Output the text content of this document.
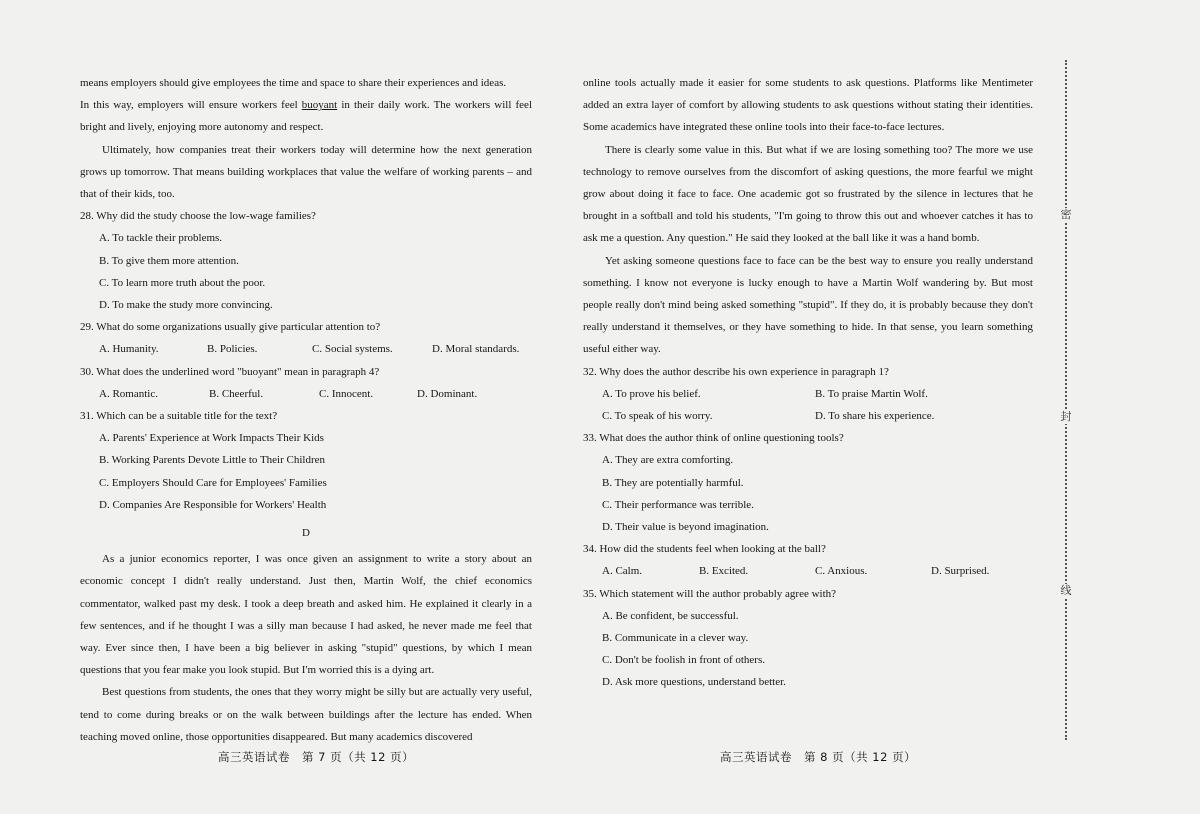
means employers should give employees the time and space to share their experiences and ideas.

In this way, employers will ensure workers feel buoyant in their daily work. The workers will feel bright and lively, enjoying more autonomy and respect.

Ultimately, how companies treat their workers today will determine how the next generation grows up tomorrow. That means building workplaces that value the welfare of working parents – and that of their kids, too.

28. Why did the study choose the low-wage families?

A. To tackle their problems.

B. To give them more attention.

C. To learn more truth about the poor.

D. To make the study more convincing.

29. What do some organizations usually give particular attention to?

A. Humanity.	B. Policies.	C. Social systems.	D. Moral standards.

30. What does the underlined word "buoyant" mean in paragraph 4?

A. Romantic.	B. Cheerful.	C. Innocent.	D. Dominant.

31. Which can be a suitable title for the text?

A. Parents' Experience at Work Impacts Their Kids

B. Working Parents Devote Little to Their Children

C. Employers Should Care for Employees' Families

D. Companies Are Responsible for Workers' Health

D

As a junior economics reporter, I was once given an assignment to write a story about an economic concept I didn't really understand. Just then, Martin Wolf, the chief economics commentator, walked past my desk. I took a deep breath and asked him. He explained it clearly in a few sentences, and if he thought I was a silly man because I had asked, he never made me feel that way. Ever since then, I have been a big believer in asking "stupid" questions, by which I mean questions that you fear make you look stupid. But I'm worried this is a dying art.

Best questions from students, the ones that they worry might be silly but are actually very useful, tend to come during breaks or on the walk between buildings after the lecture has ended. When teaching moved online, those opportunities disappeared. But many academics discovered

online tools actually made it easier for some students to ask questions. Platforms like Mentimeter added an extra layer of comfort by allowing students to ask questions without stating their identities. Some academics have integrated these online tools into their face-to-face lectures.

There is clearly some value in this. But what if we are losing something too? The more we use technology to remove ourselves from the discomfort of asking questions, the more fearful we might grow about doing it face to face. One academic got so frustrated by the silence in lectures that he brought in a softball and told his students, "I'm going to throw this out and whoever catches it has to ask me a question. Any question." He said they looked at the ball like it was a hand bomb.

Yet asking someone questions face to face can be the best way to ensure you really understand something. I know not everyone is lucky enough to have a Martin Wolf wandering by. But most people really don't mind being asked something "stupid". If they do, it is probably because they don't really understand it themselves, or they have something to hide. In that sense, you learn something useful either way.

32. Why does the author describe his own experience in paragraph 1?

A. To prove his belief.	B. To praise Martin Wolf.
C. To speak of his worry.	D. To share his experience.

33. What does the author think of online questioning tools?

A. They are extra comforting.

B. They are potentially harmful.

C. Their performance was terrible.

D. Their value is beyond imagination.

34. How did the students feel when looking at the ball?

A. Calm.	B. Excited.	C. Anxious.	D. Surprised.

35. Which statement will the author probably agree with?

A. Be confident, be successful.

B. Communicate in a clever way.

C. Don't be foolish in front of others.

D. Ask more questions, understand better.

高三英语试卷　第 7 页（共 12 页）	高三英语试卷　第 8 页（共 12 页）
密
封
线
